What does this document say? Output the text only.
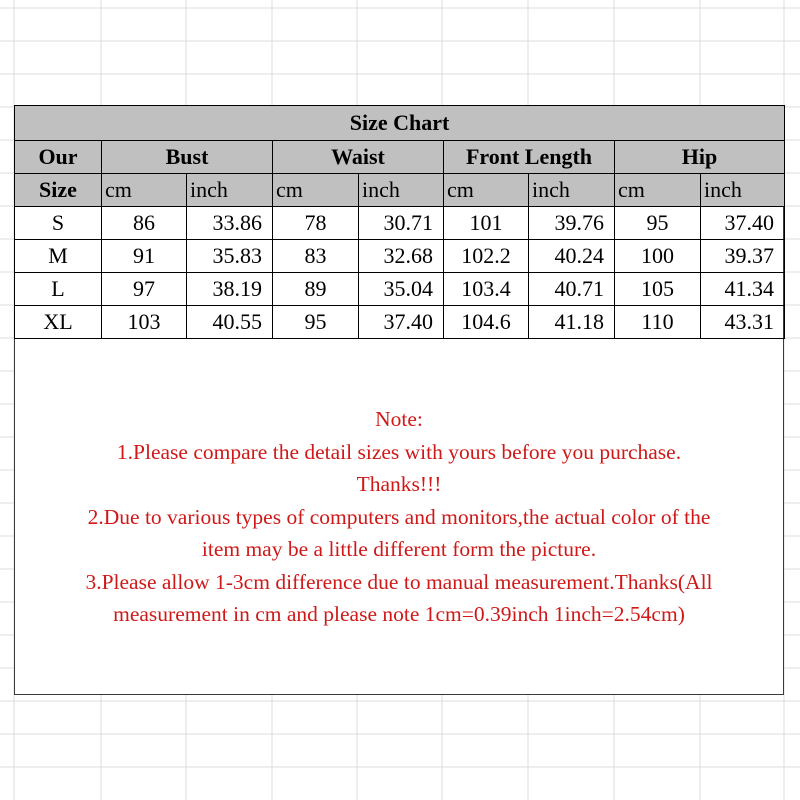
Size Chart								
Our	Bust		Waist		Front Length		Hip	
Size	cm	inch	cm	inch	cm	inch	cm	inch
S	86	33.86	78	30.71	101	39.76	95	37.40
M	91	35.83	83	32.68	102.2	40.24	100	39.37
L	97	38.19	89	35.04	103.4	40.71	105	41.34
XL	103	40.55	95	37.40	104.6	41.18	110	43.31
Note:
1.Please compare the detail sizes with yours before you purchase.
Thanks!!!
2.Due to various types of computers and monitors,the actual color of the
item may be a little different form the picture.
3.Please allow 1-3cm difference due to manual measurement.Thanks(All
measurement in cm and please note 1cm=0.39inch 1inch=2.54cm)
